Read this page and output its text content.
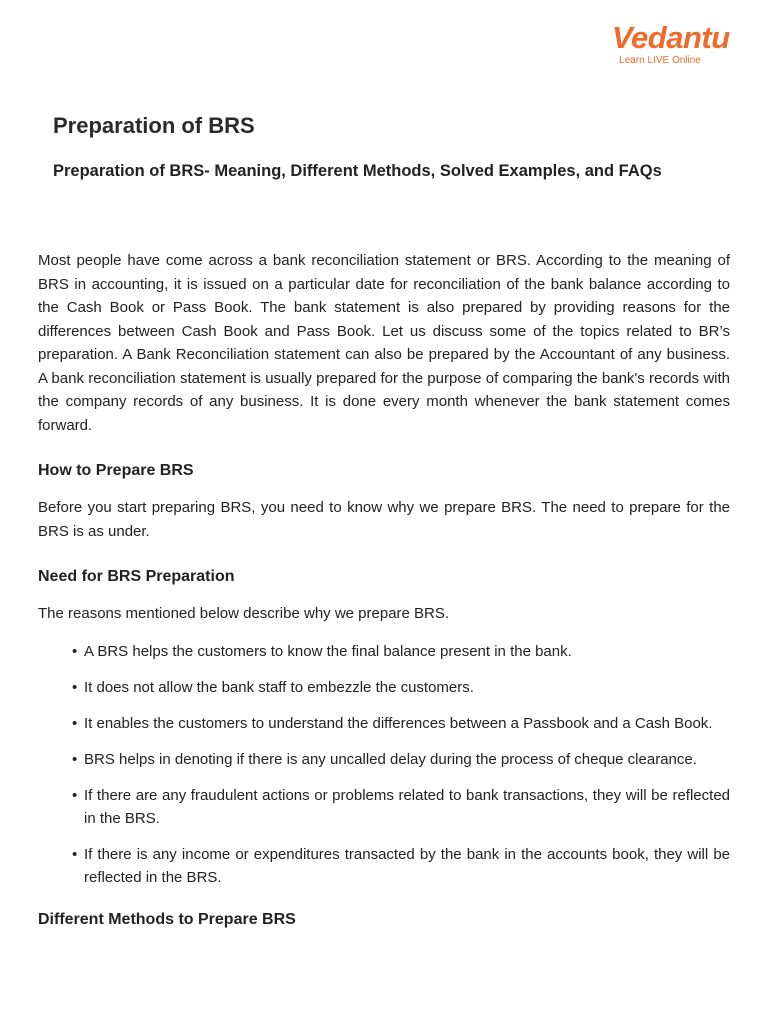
Vedantu
Learn LIVE Online
Preparation of BRS
Preparation of BRS- Meaning, Different Methods, Solved Examples, and FAQs

Most people have come across a bank reconciliation statement or BRS. According to the meaning of BRS in accounting, it is issued on a particular date for reconciliation of the bank balance according to the Cash Book or Pass Book. The bank statement is also prepared by providing reasons for the differences between Cash Book and Pass Book. Let us discuss some of the topics related to BR’s preparation. A Bank Reconciliation statement can also be prepared by the Accountant of any business. A bank reconciliation statement is usually prepared for the purpose of comparing the bank's records with the company records of any business. It is done every month whenever the bank statement comes forward.

How to Prepare BRS

Before you start preparing BRS, you need to know why we prepare BRS. The need to prepare for the BRS is as under.

Need for BRS Preparation

The reasons mentioned below describe why we prepare BRS.

• A BRS helps the customers to know the final balance present in the bank.
• It does not allow the bank staff to embezzle the customers.
• It enables the customers to understand the differences between a Passbook and a Cash Book.
• BRS helps in denoting if there is any uncalled delay during the process of cheque clearance.
• If there are any fraudulent actions or problems related to bank transactions, they will be reflected in the BRS.
• If there is any income or expenditures transacted by the bank in the accounts book, they will be reflected in the BRS.
Different Methods to Prepare BRS
